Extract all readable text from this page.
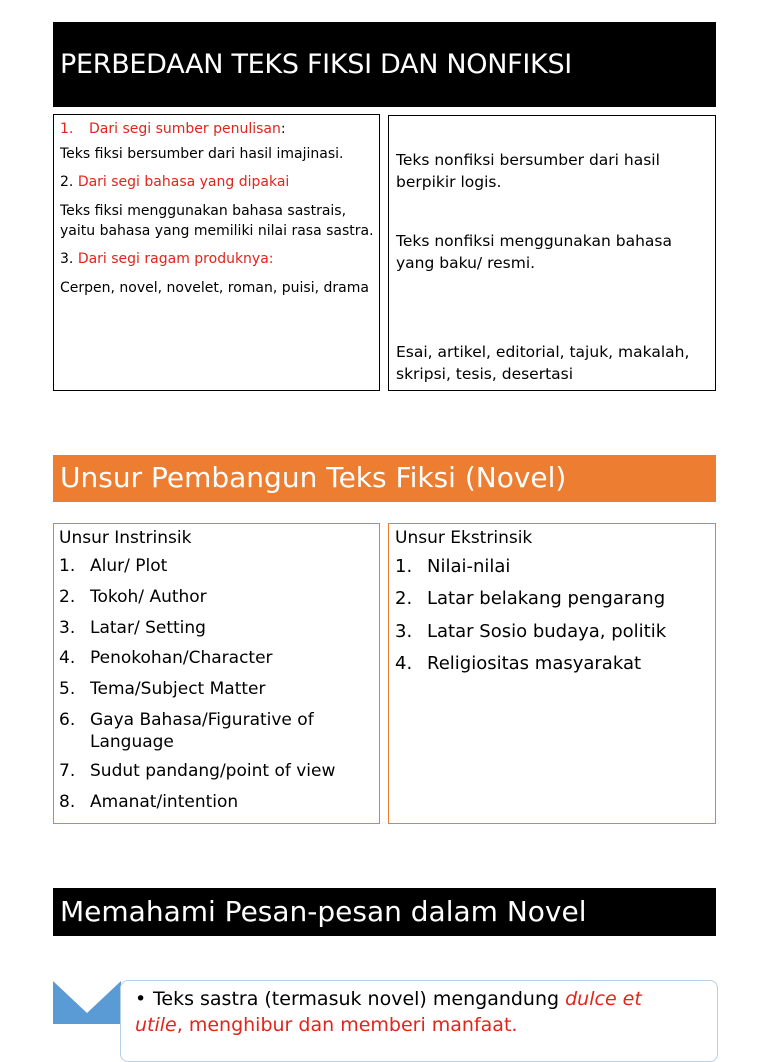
PERBEDAAN TEKS FIKSI DAN NONFIKSI

1. Dari segi sumber penulisan:

Teks fiksi bersumber dari hasil imajinasi.

2. Dari segi bahasa yang dipakai

Teks fiksi menggunakan bahasa sastrais, yaitu bahasa yang memiliki nilai rasa sastra.

3. Dari segi ragam produknya:

Cerpen, novel, novelet, roman, puisi, drama

Teks nonfiksi bersumber dari hasil berpikir logis.

Teks nonfiksi menggunakan bahasa yang baku/ resmi.

Esai, artikel, editorial, tajuk, makalah, skripsi, tesis, desertasi

Unsur Pembangun Teks Fiksi (Novel)
Unsur Instrinsik
1. Alur/ Plot
2. Tokoh/ Author
3. Latar/ Setting
4. Penokohan/Character
5. Tema/Subject Matter
6. Gaya Bahasa/Figurative of Language
7. Sudut pandang/point of view
8. Amanat/intention
Unsur Ekstrinsik
1. Nilai-nilai
2. Latar belakang pengarang
3. Latar Sosio budaya, politik
4. Religiositas masyarakat
Memahami Pesan-pesan dalam Novel
• Teks sastra (termasuk novel) mengandung dulce et utile, menghibur dan memberi manfaat.
